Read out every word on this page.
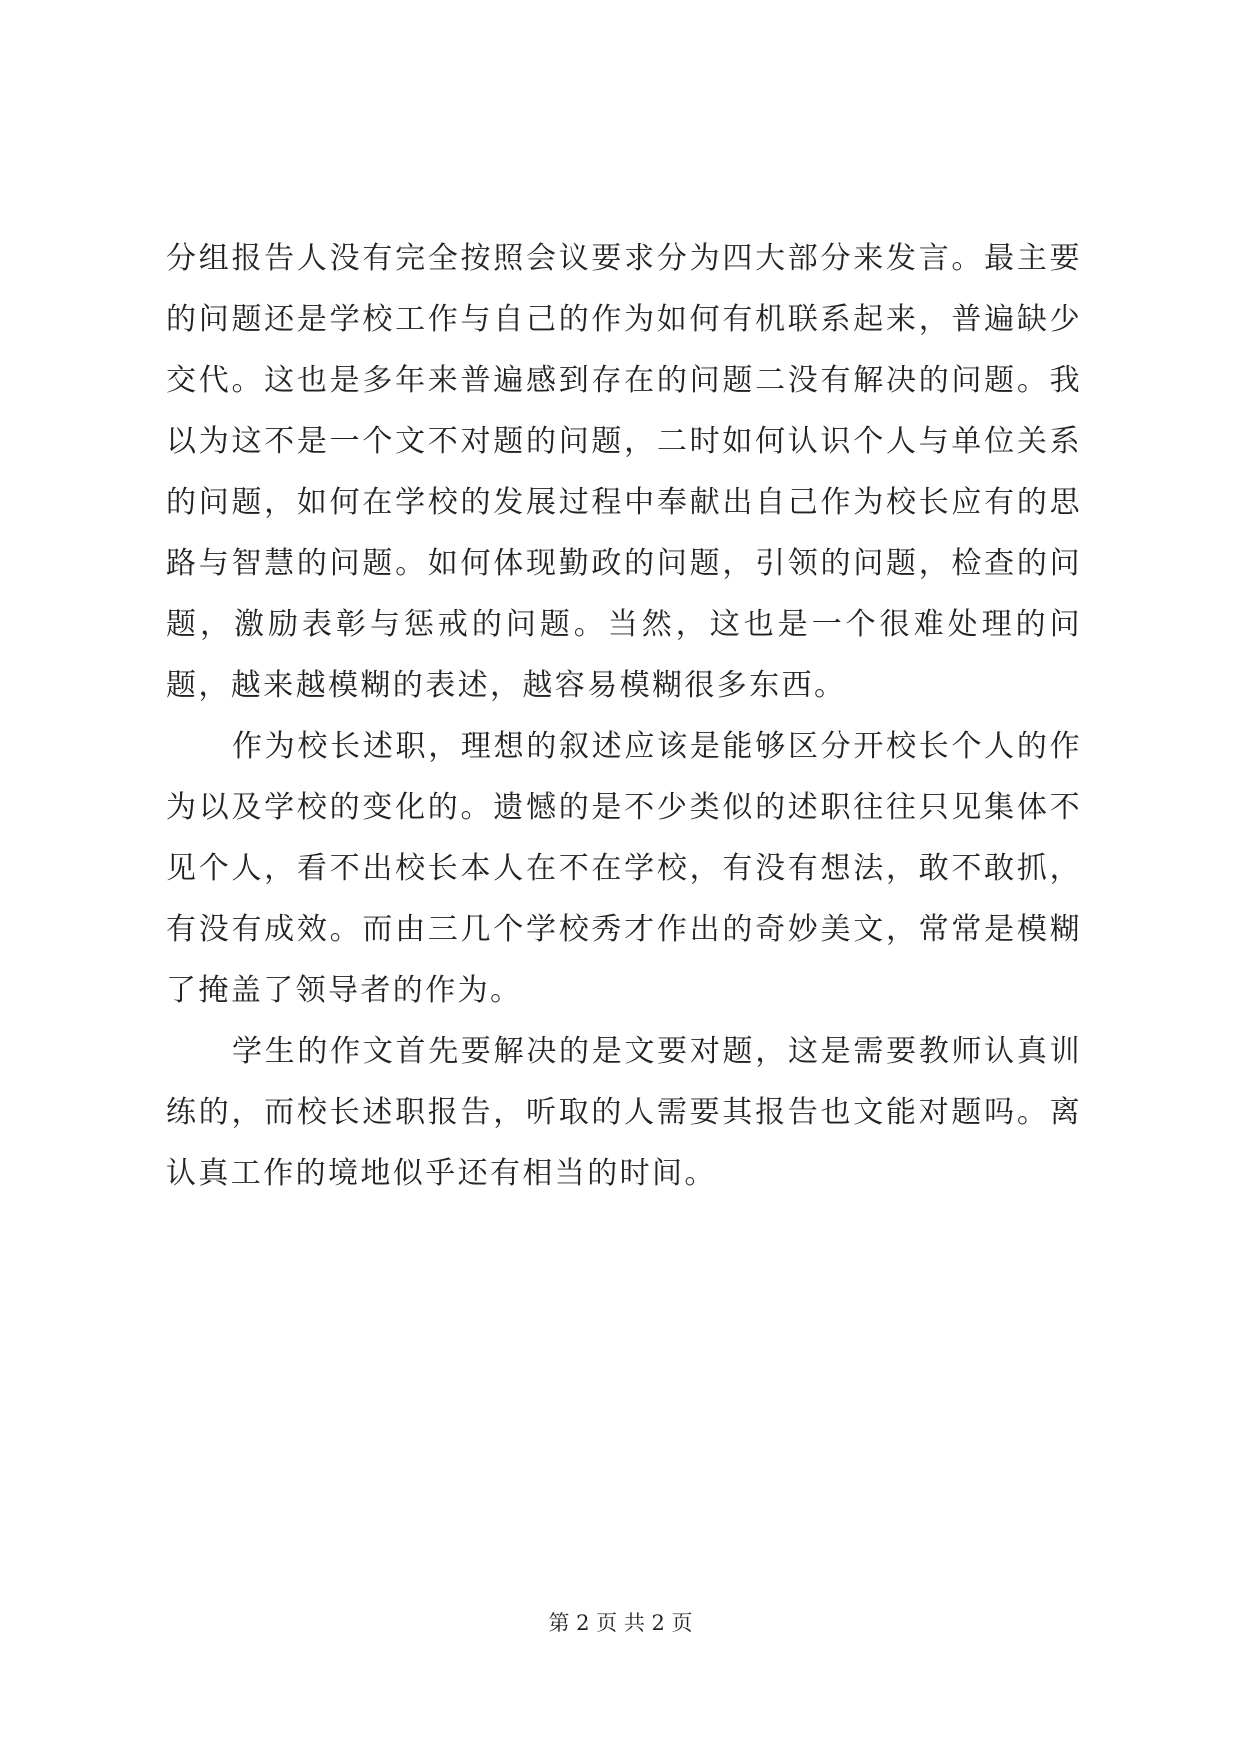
分组报告人没有完全按照会议要求分为四大部分来发言。最主要的问题还是学校工作与自己的作为如何有机联系起来，普遍缺少交代。这也是多年来普遍感到存在的问题二没有解决的问题。我以为这不是一个文不对题的问题，二时如何认识个人与单位关系的问题，如何在学校的发展过程中奉献出自己作为校长应有的思路与智慧的问题。如何体现勤政的问题，引领的问题，检查的问题，激励表彰与惩戒的问题。当然，这也是一个很难处理的问题，越来越模糊的表述，越容易模糊很多东西。

作为校长述职，理想的叙述应该是能够区分开校长个人的作为以及学校的变化的。遗憾的是不少类似的述职往往只见集体不见个人，看不出校长本人在不在学校，有没有想法，敢不敢抓，有没有成效。而由三几个学校秀才作出的奇妙美文，常常是模糊了掩盖了领导者的作为。

学生的作文首先要解决的是文要对题，这是需要教师认真训练的，而校长述职报告，听取的人需要其报告也文能对题吗。离认真工作的境地似乎还有相当的时间。

第 2 页 共 2 页
